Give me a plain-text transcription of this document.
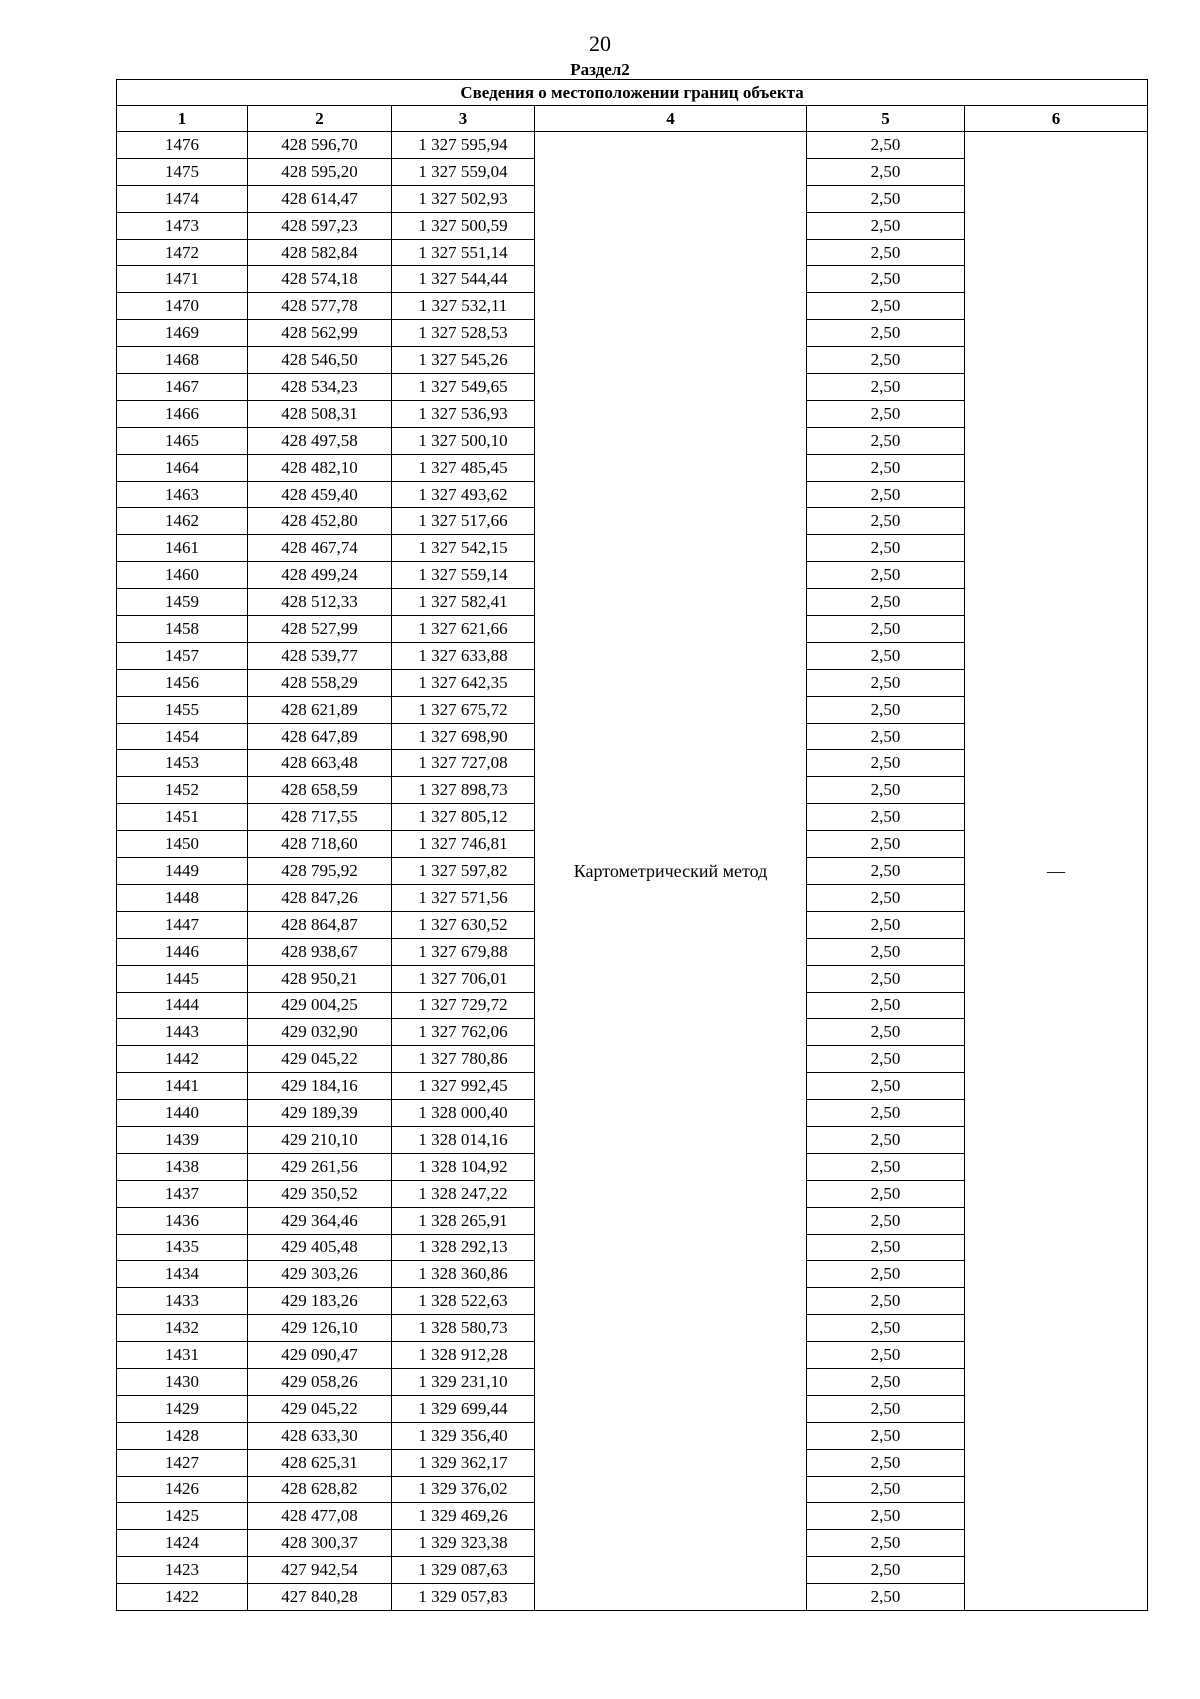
20
Раздел2
Сведения о местоположении границ объекта					
1	2	3	4	5	6
1476	428 596,70	1 327 595,94	Картометрический метод	2,50	—
1475	428 595,20	1 327 559,04		2,50	
1474	428 614,47	1 327 502,93		2,50	
1473	428 597,23	1 327 500,59		2,50	
1472	428 582,84	1 327 551,14		2,50	
1471	428 574,18	1 327 544,44		2,50	
1470	428 577,78	1 327 532,11		2,50	
1469	428 562,99	1 327 528,53		2,50	
1468	428 546,50	1 327 545,26		2,50	
1467	428 534,23	1 327 549,65		2,50	
1466	428 508,31	1 327 536,93		2,50	
1465	428 497,58	1 327 500,10		2,50	
1464	428 482,10	1 327 485,45		2,50	
1463	428 459,40	1 327 493,62		2,50	
1462	428 452,80	1 327 517,66		2,50	
1461	428 467,74	1 327 542,15		2,50	
1460	428 499,24	1 327 559,14		2,50	
1459	428 512,33	1 327 582,41		2,50	
1458	428 527,99	1 327 621,66		2,50	
1457	428 539,77	1 327 633,88		2,50	
1456	428 558,29	1 327 642,35		2,50	
1455	428 621,89	1 327 675,72		2,50	
1454	428 647,89	1 327 698,90		2,50	
1453	428 663,48	1 327 727,08		2,50	
1452	428 658,59	1 327 898,73		2,50	
1451	428 717,55	1 327 805,12		2,50	
1450	428 718,60	1 327 746,81		2,50	
1449	428 795,92	1 327 597,82		2,50	
1448	428 847,26	1 327 571,56		2,50	
1447	428 864,87	1 327 630,52		2,50	
1446	428 938,67	1 327 679,88		2,50	
1445	428 950,21	1 327 706,01		2,50	
1444	429 004,25	1 327 729,72		2,50	
1443	429 032,90	1 327 762,06		2,50	
1442	429 045,22	1 327 780,86		2,50	
1441	429 184,16	1 327 992,45		2,50	
1440	429 189,39	1 328 000,40		2,50	
1439	429 210,10	1 328 014,16		2,50	
1438	429 261,56	1 328 104,92		2,50	
1437	429 350,52	1 328 247,22		2,50	
1436	429 364,46	1 328 265,91		2,50	
1435	429 405,48	1 328 292,13		2,50	
1434	429 303,26	1 328 360,86		2,50	
1433	429 183,26	1 328 522,63		2,50	
1432	429 126,10	1 328 580,73		2,50	
1431	429 090,47	1 328 912,28		2,50	
1430	429 058,26	1 329 231,10		2,50	
1429	429 045,22	1 329 699,44		2,50	
1428	428 633,30	1 329 356,40		2,50	
1427	428 625,31	1 329 362,17		2,50	
1426	428 628,82	1 329 376,02		2,50	
1425	428 477,08	1 329 469,26		2,50	
1424	428 300,37	1 329 323,38		2,50	
1423	427 942,54	1 329 087,63		2,50	
1422	427 840,28	1 329 057,83		2,50	
